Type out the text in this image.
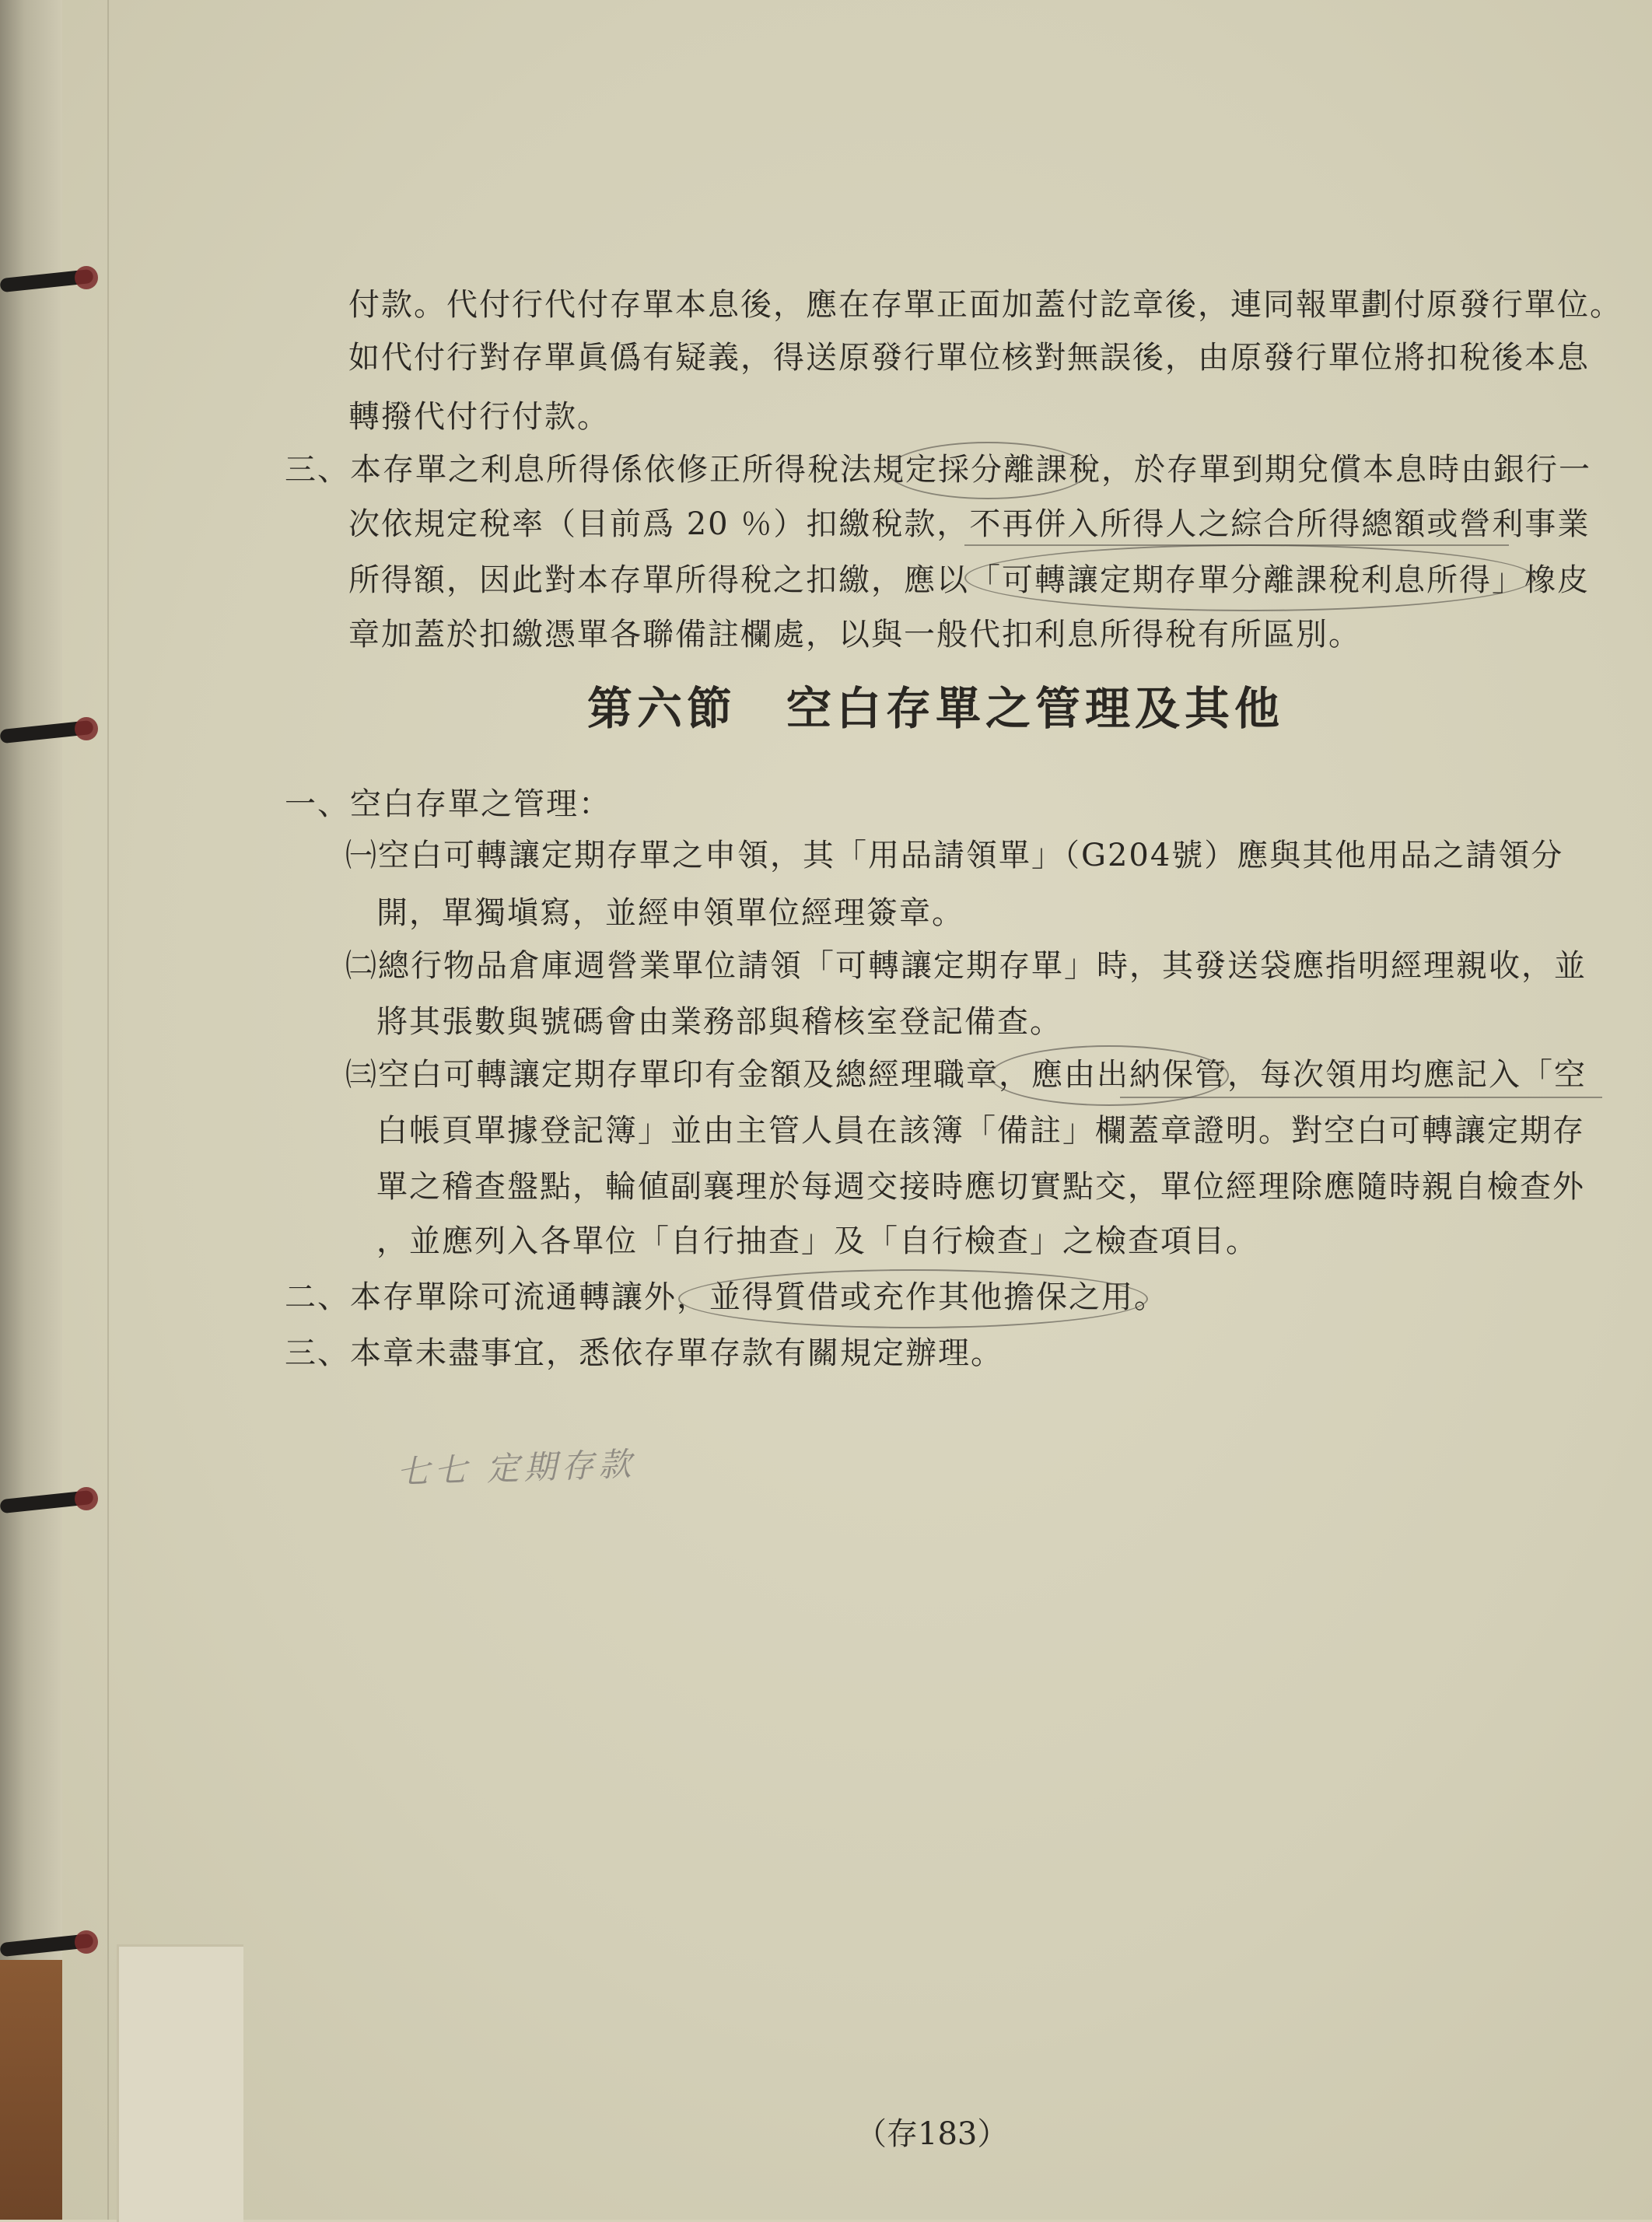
付款。代付行代付存單本息後，應在存單正面加蓋付訖章後，連同報單劃付原發行單位。
如代付行對存單眞僞有疑義，得送原發行單位核對無誤後，由原發行單位將扣稅後本息
轉撥代付行付款。
三、本存單之利息所得係依修正所得稅法規定採分離課稅，於存單到期兌償本息時由銀行一
次依規定稅率（目前爲 20 ％）扣繳稅款，不再併入所得人之綜合所得總額或營利事業
所得額，因此對本存單所得稅之扣繳，應以「可轉讓定期存單分離課稅利息所得」橡皮
章加蓋於扣繳憑單各聯備註欄處，以與一般代扣利息所得稅有所區別。
第六節　空白存單之管理及其他
一、空白存單之管理：
㈠空白可轉讓定期存單之申領，其「用品請領單」（G204號）應與其他用品之請領分
開，單獨塡寫，並經申領單位經理簽章。
㈡總行物品倉庫週營業單位請領「可轉讓定期存單」時，其發送袋應指明經理親收，並
將其張數與號碼會由業務部與稽核室登記備查。
㈢空白可轉讓定期存單印有金額及總經理職章，應由出納保管，每次領用均應記入「空
白帳頁單據登記簿」並由主管人員在該簿「備註」欄蓋章證明。對空白可轉讓定期存
單之稽查盤點，輪値副襄理於每週交接時應切實點交，單位經理除應隨時親自檢查外
，並應列入各單位「自行抽查」及「自行檢查」之檢查項目。
二、本存單除可流通轉讓外，並得質借或充作其他擔保之用。
三、本章未盡事宜，悉依存單存款有關規定辦理。
七七 定期存款
（存183）
